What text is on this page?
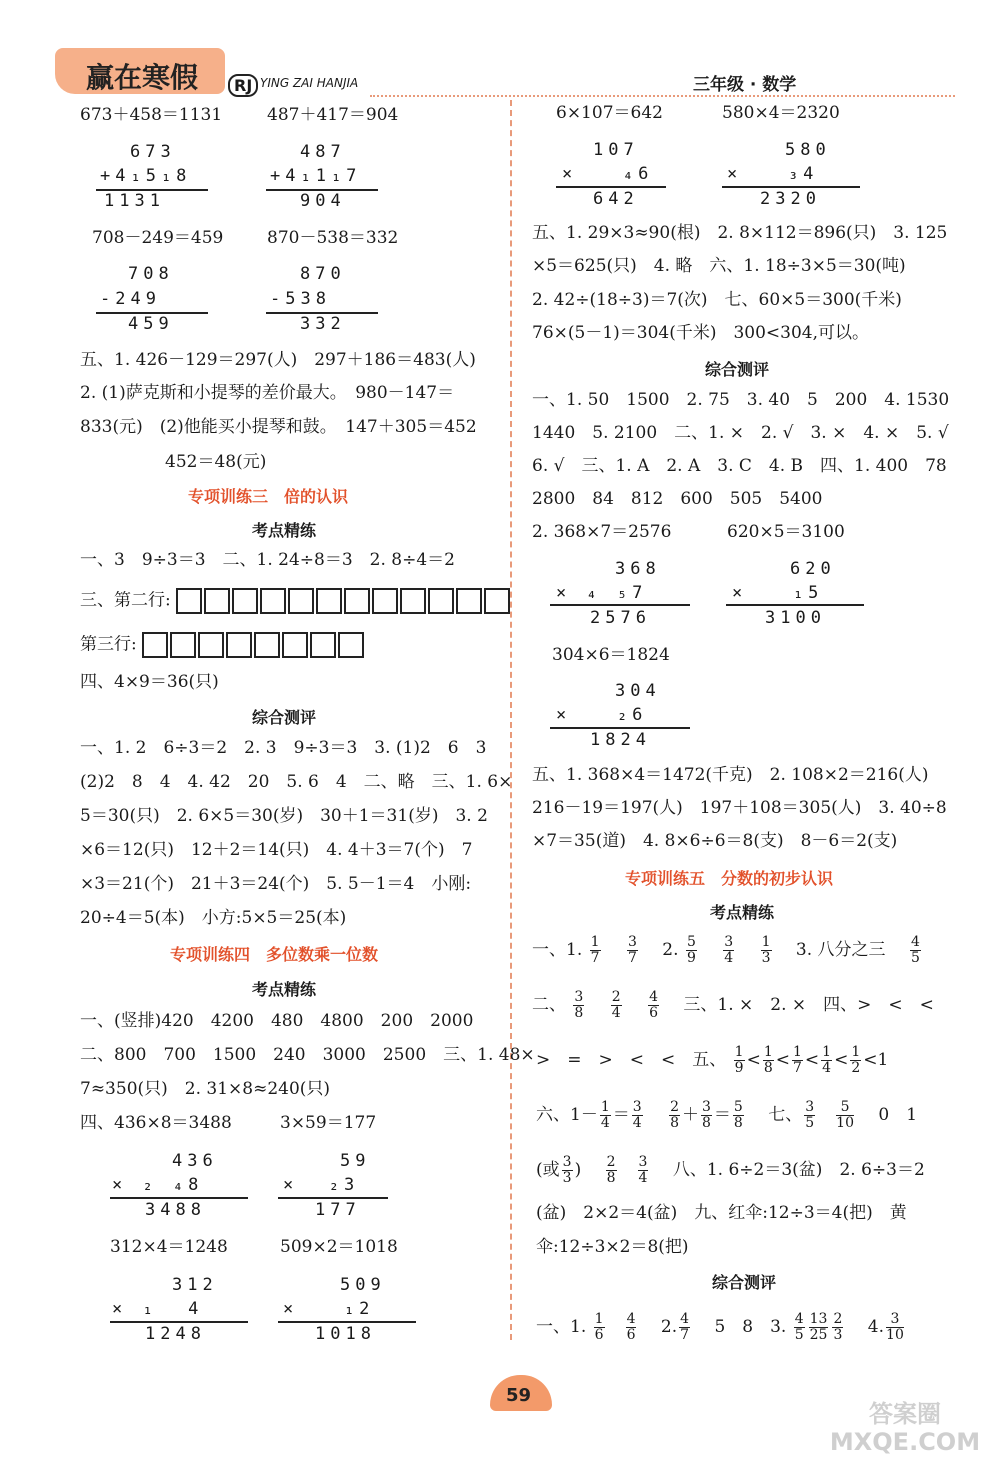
赢在寒假	RJ YING ZAI HANJIA	三年级 · 数学
673＋458＝1131	487＋417＝904
673
+4₁5₁8
1131
487
+4₁1₁7
904
708－249＝459	870－538＝332
708
-249
459
870
-538
332
五、1. 426－129＝297(人)　297＋186＝483(人)
2. (1)萨克斯和小提琴的差价最大。　980－147＝
833(元)　(2)他能买小提琴和鼓。　147＋305＝452
　　　　　452＝48(元)
专项训练三　倍的认识
考点精练
一、3　9÷3＝3　二、1. 24÷8＝3　2. 8÷4＝2
三、第二行:
第三行:
四、4×9＝36(只)
综合测评
一、1. 2　6÷3＝2　2. 3　9÷3＝3　3. (1)2　6　3
(2)2　8　4　4. 42　20　5. 6　4　二、略　三、1. 6×
5＝30(只)　2. 6×5＝30(岁)　30＋1＝31(岁)　3. 2
×6＝12(只)　12＋2＝14(只)　4. 4＋3＝7(个)　7
×3＝21(个)　21＋3＝24(个)　5. 5－1＝4　小刚:
20÷4＝5(本)　小方:5×5＝25(本)
专项训练四　多位数乘一位数
考点精练
一、(竖排)420　4200　480　4800　200　2000
二、800　700　1500　240　3000　2500　三、1. 48×
7≈350(只)　2. 31×8≈240(只)
四、436×8＝3488	3×59＝177
436
× ₂ ₄8
3488
59
×  ₂3
177
312×4＝1248	509×2＝1018
312
× ₁  4
1248
509
×   ₁2
1018
6×107＝642	580×4＝2320
107
×   ₄6
642
580
×   ₃4
2320
五、1. 29×3≈90(根)　2. 8×112＝896(只)　3. 125
×5＝625(只)　4. 略　六、1. 18÷3×5＝30(吨)
2. 42÷(18÷3)＝7(次)　七、60×5＝300(千米)
76×(5－1)＝304(千米)　300<304,可以。
综合测评
一、1. 50　1500　2. 75　3. 40　5　200　4. 1530
1440　5. 2100　二、1. ×　2. √　3. ×　4. ×　5. √
6. √　三、1. A　2. A　3. C　4. B　四、1. 400　78
2800　84　812　600　505　5400
2. 368×7＝2576	620×5＝3100
368
× ₄ ₅7
2576
620
×   ₁5
3100
304×6＝1824
304
×   ₂6
1824
五、1. 368×4＝1472(千克)　2. 108×2＝216(人)
216－19＝197(人)　197＋108＝305(人)　3. 40÷8
×7＝35(道)　4. 8×6÷6＝8(支)　8－6＝2(支)
专项训练五　分数的初步认识
考点精练
一、1. $\frac{1}{7}$
　 $\frac{3}{7}$
　 2. $\frac{5}{9}$
　 $\frac{3}{4}$
　 $\frac{1}{3}$
　 3. 八分之三　 $\frac{4}{5}$
二、 $\frac{3}{8}$
　 $\frac{2}{4}$
　 $\frac{4}{6}$
　 三、1. ×　2. ×　四、>　<　<
>　=　>　<　<　五、 $\frac{1}{9} < \frac{1}{8} < \frac{1}{7} < \frac{1}{4} < \frac{1}{2} <1$
六、$1- \frac{1}{4} = \frac{3}{4}$
　 $\frac{2}{8} + \frac{3}{8} = \frac{5}{8}$
　 七、 $\frac{3}{5}$
　 $\frac{5}{10}$
　 0　1
(或 $\frac{3}{3}$ )　 $\frac{2}{8}$
　 $\frac{3}{4}$
　 八、1. 6÷2＝3(盆)　2. 6÷3＝2
(盆)　2×2＝4(盆)　九、红伞:12÷3＝4(把)　黄
伞:12÷3×2＝8(把)
综合测评
一、1. $\frac{1}{6}$
　 $\frac{4}{6}$
　 2. $\frac{4}{7}$
　 5　8　3. $\frac{4}{5} \frac{13}{25} \frac{2}{3}$
　 4. $\frac{3}{10}$
59
答案圈 MXQE.COM
